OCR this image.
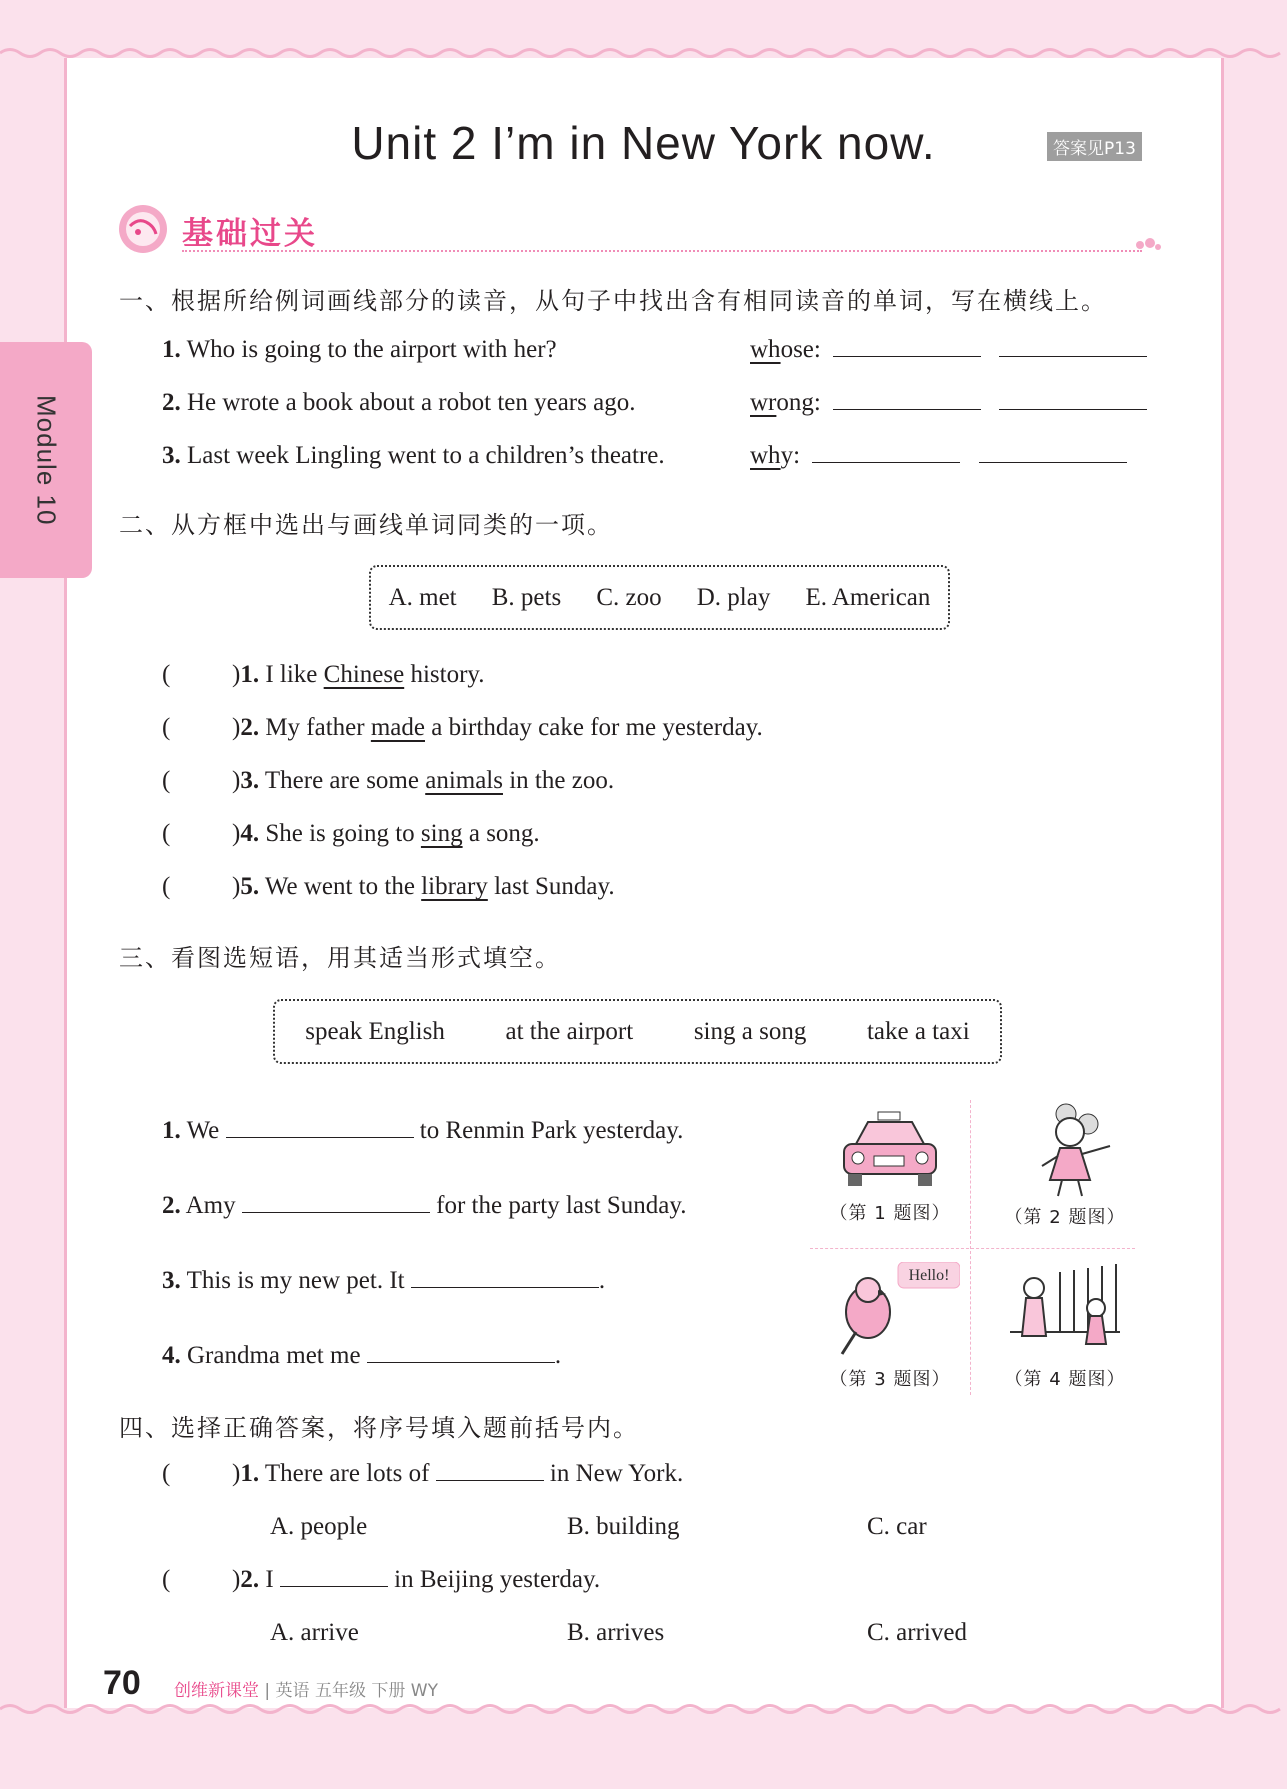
Module 10
Unit 2 I’m in New York now.	答案见P13
基础过关
一、根据所给例词画线部分的读音，从句子中找出含有相同读音的单词，写在横线上。
1. Who is going to the airport with her?	whose:
2. He wrote a book about a robot ten years ago.	wrong:
3. Last week Lingling went to a children’s theatre.	why:
二、从方框中选出与画线单词同类的一项。
A. met B. pets C. zoo D. play E. American
( )1. I like Chinese history.
( )2. My father made a birthday cake for me yesterday.
( )3. There are some animals in the zoo.
( )4. She is going to sing a song.
( )5. We went to the library last Sunday.
三、看图选短语，用其适当形式填空。
speak English at the airport sing a song take a taxi
1. We	to Renmin Park yesterday.
2. Amy	for the party last Sunday.
3. This is my new pet. It	.
4. Grandma met me	.
（第 1 题图）	（第 2 题图）
Hello!
（第 3 题图）	（第 4 题图）
四、选择正确答案，将序号填入题前括号内。
( )1. There are lots of	in New York.
A. people	B. building	C. car
( )2. I	in Beijing yesterday.
A. arrive	B. arrives	C. arrived
70 创维新课堂 | 英语 五年级 下册 WY
